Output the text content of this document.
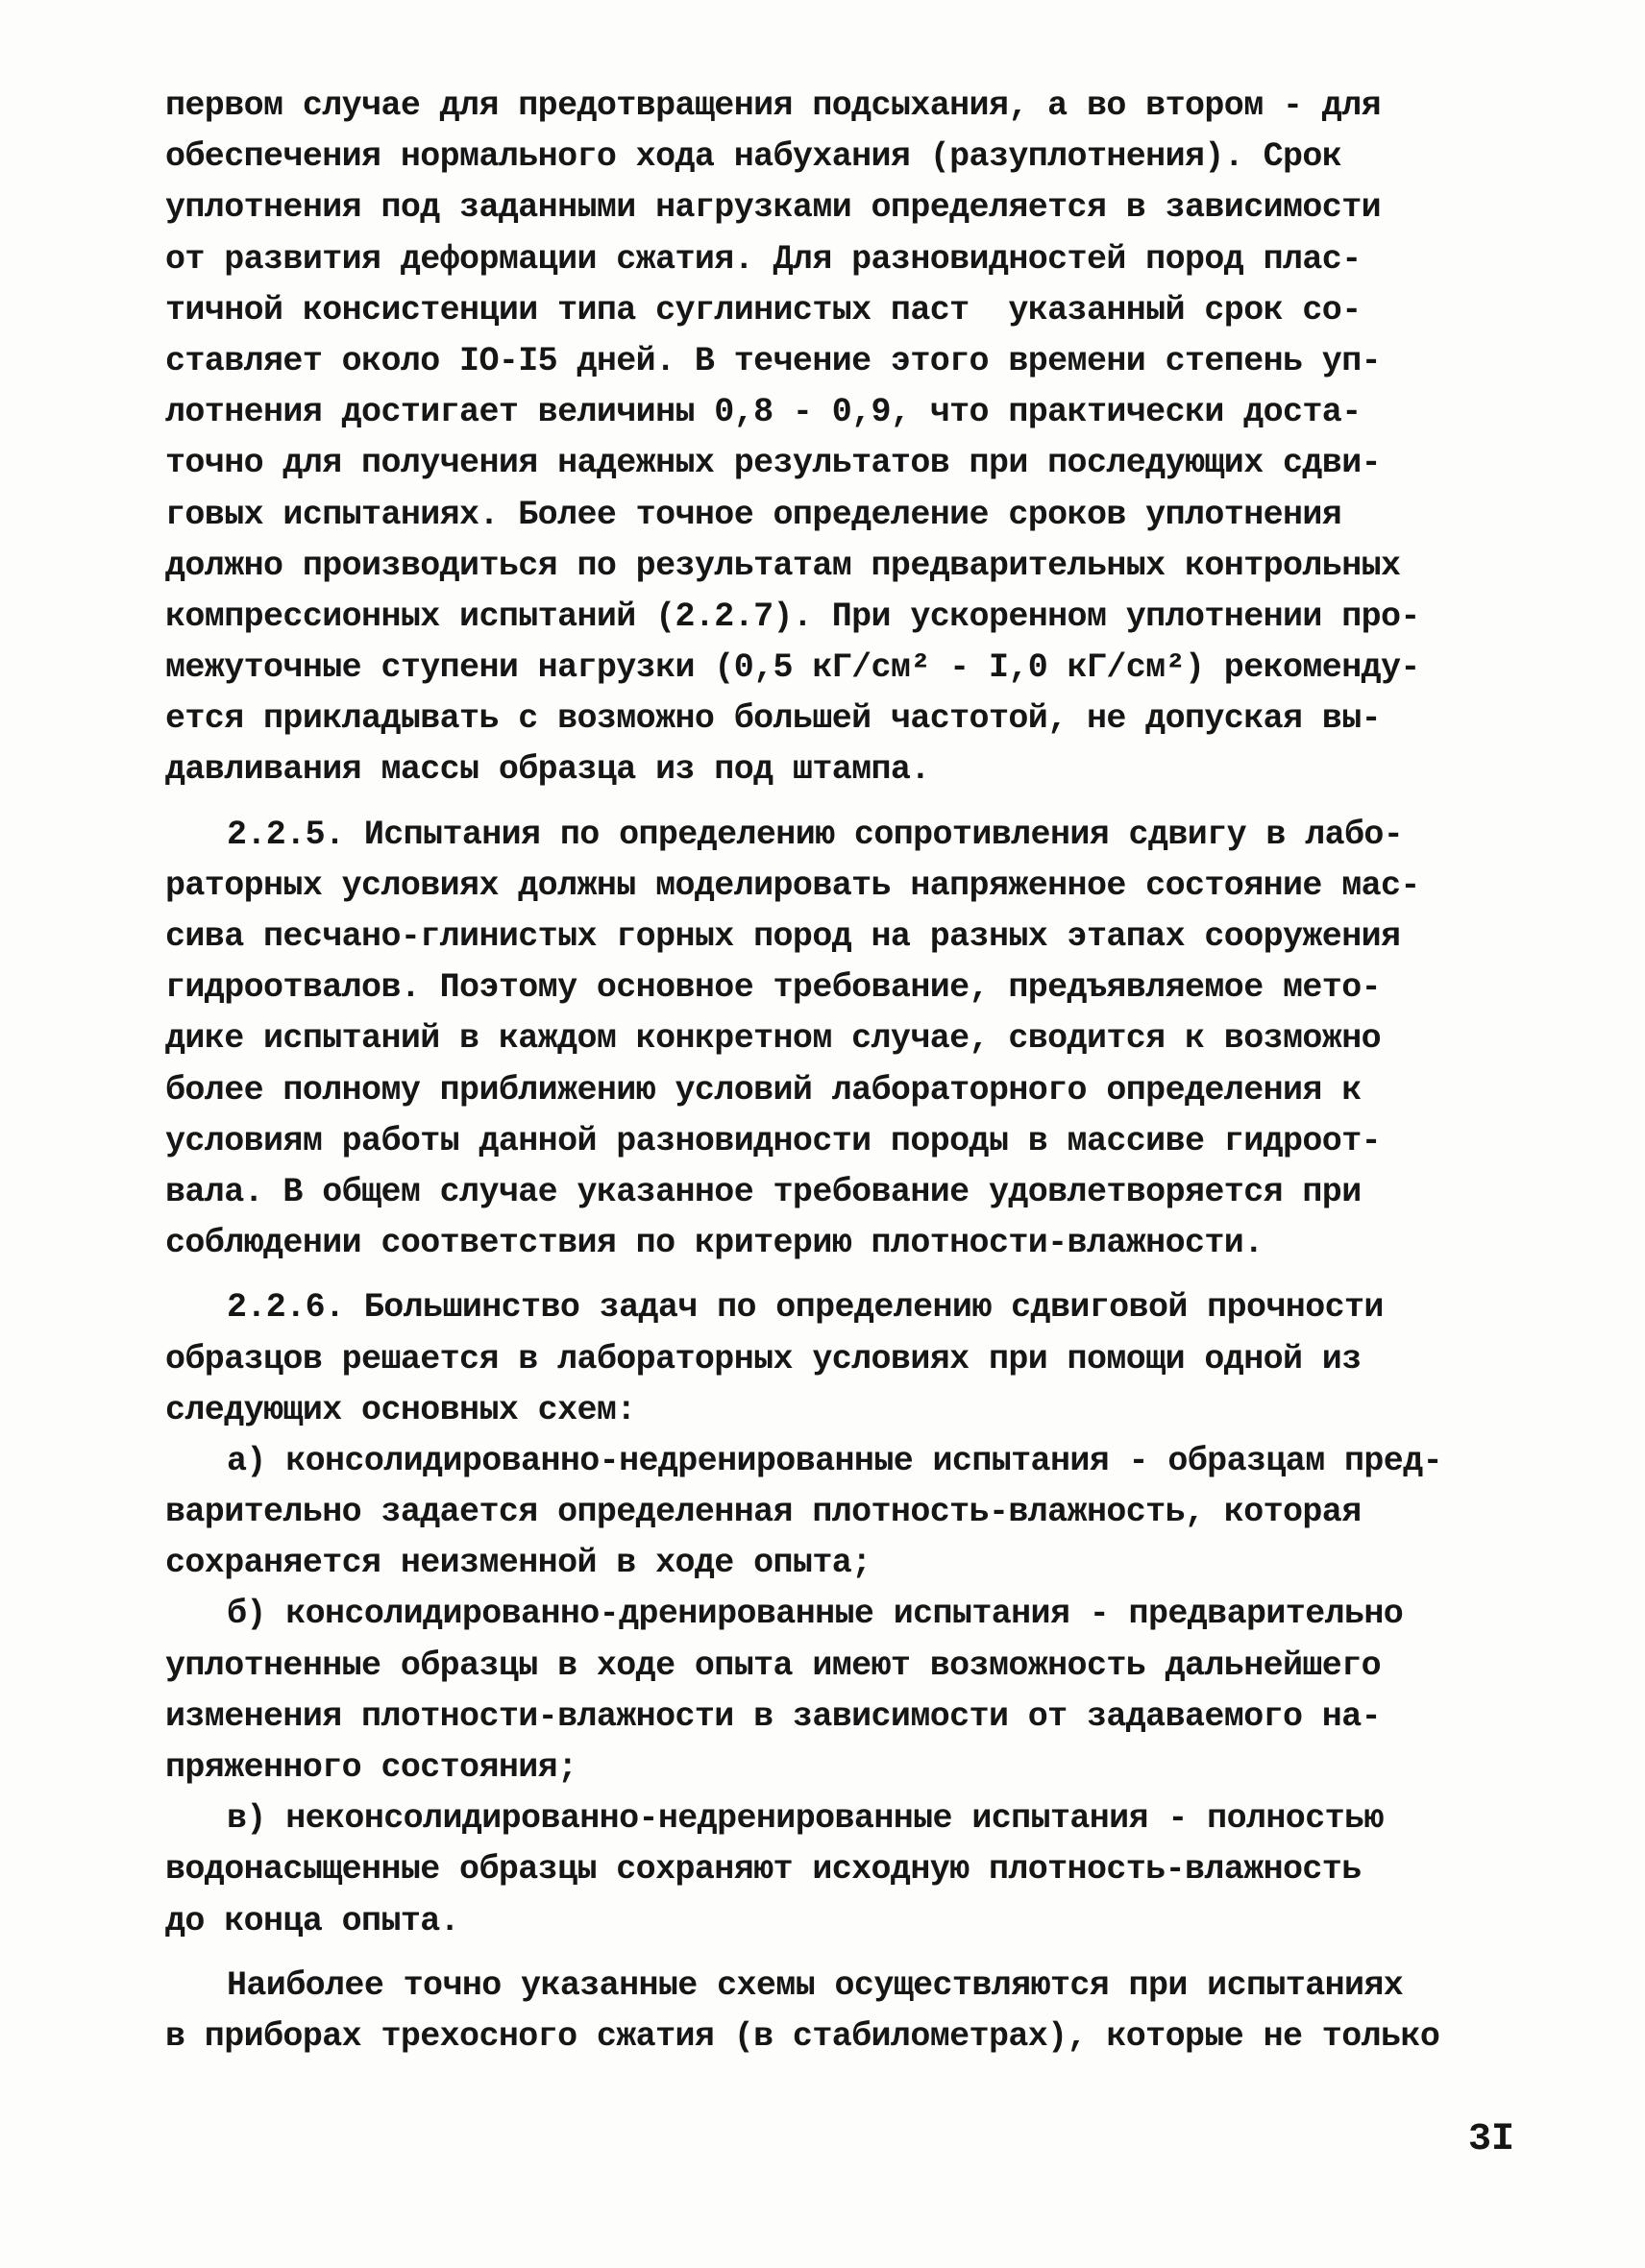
первом случае для предотвращения подсыхания, а во втором - для
обеспечения нормального хода набухания (разуплотнения). Срок
уплотнения под заданными нагрузками определяется в зависимости
от развития деформации сжатия. Для разновидностей пород плас-
тичной консистенции типа суглинистых паст  указанный срок со-
ставляет около IO-I5 дней. В течение этого времени степень уп-
лотнения достигает величины 0,8 - 0,9, что практически доста-
точно для получения надежных результатов при последующих сдви-
говых испытаниях. Более точное определение сроков уплотнения
должно производиться по результатам предварительных контрольных
компрессионных испытаний (2.2.7). При ускоренном уплотнении про-
межуточные ступени нагрузки (0,5 кГ/см² - I,0 кГ/см²) рекоменду-
ется прикладывать с возможно большей частотой, не допуская вы-
давливания массы образца из под штампа.
2.2.5. Испытания по определению сопротивления сдвигу в лабо-
раторных условиях должны моделировать напряженное состояние мас-
сива песчано-глинистых горных пород на разных этапах сооружения
гидроотвалов. Поэтому основное требование, предъявляемое мето-
дике испытаний в каждом конкретном случае, сводится к возможно
более полному приближению условий лабораторного определения к
условиям работы данной разновидности породы в массиве гидроот-
вала. В общем случае указанное требование удовлетворяется при
соблюдении соответствия по критерию плотности-влажности.
2.2.6. Большинство задач по определению сдвиговой прочности
образцов решается в лабораторных условиях при помощи одной из
следующих основных схем:
а) консолидированно-недренированные испытания - образцам пред-
варительно задается определенная плотность-влажность, которая
сохраняется неизменной в ходе опыта;
б) консолидированно-дренированные испытания - предварительно
уплотненные образцы в ходе опыта имеют возможность дальнейшего
изменения плотности-влажности в зависимости от задаваемого на-
пряженного состояния;
в) неконсолидированно-недренированные испытания - полностью
водонасыщенные образцы сохраняют исходную плотность-влажность
до конца опыта.
Наиболее точно указанные схемы осуществляются при испытаниях
в приборах трехосного сжатия (в стабилометрах), которые не только
3I
